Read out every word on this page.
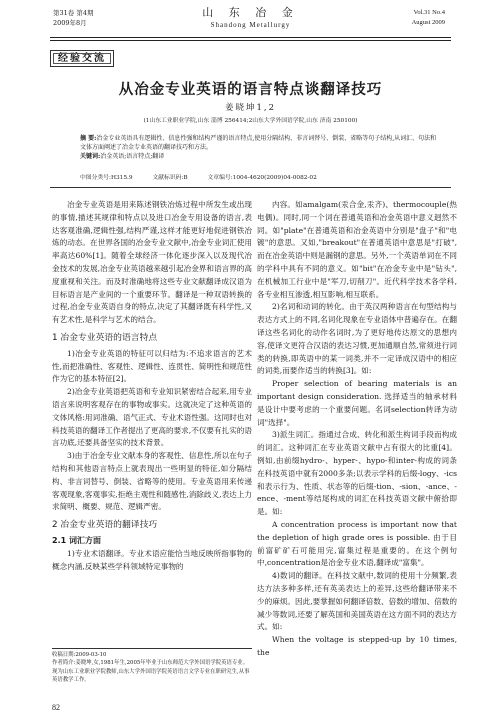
第31卷 第4期
2009年8月
山 东 冶 金
Shandong Metallurgy
Vol.31 No.4
August 2009
经验交流
从冶金专业英语的语言特点谈翻译技巧
姜晓坤1,2
(1山东工业职业学院,山东 淄博 256414;2山东大学外国语学院,山东 济南 250100)
摘 要:冶金专业英语具有逻辑性、信息性强和结构严谨的语言特点,使用分隔结构、非言词替号、倒装、省略等句子结构,从词汇、句法和文体方面阐述了冶金专业英语的翻译技巧和方法。
关键词:冶金英语;语言特点;翻译
中图分类号:H315.9	文献标识码:B	文章编号:1004-4620(2009)04-0082-02

冶金专业英语是用来陈述钢铁冶炼过程中所发生或出现的事情,描述其规律和特点以及进口冶金专用设备的语言,表达客观准确,逻辑性强,结构严谨,这样才能更好地促进钢铁冶炼的动态。在世界各国的冶金专业文献中,冶金专业词汇使用率高达60%[1]。随着全球经济一体化逐步深入以及现代冶金技术的发展,冶金专业英语越来越引起冶金界和语言界的高度重视和关注。而及时准确地将这些专业文献翻译成汉语为目标语言是产业间的一个重要环节。翻译是一种双语转换的过程,冶金专业英语自身的特点,决定了其翻译既有科学性,又有艺术性,是科学与艺术的结合。

1 冶金专业英语的语言特点

1)冶金专业英语的特征可以归结为:不追求语言的艺术性,而把准确性、客观性、逻辑性、连贯性、简明性和规范性作为它的基本特征[2]。

2)冶金专业英语把英语和专业知识紧密结合起来,用专业语言来说明客观存在的事物或事实。这就决定了这种英语的文体风格:用词准确、语气正式、专业术语性强。这同时也对科技英语的翻译工作者提出了更高的要求,不仅要有扎实的语言功底,还要具备坚实的技术背景。

3)由于冶金专业文献本身的客观性、信息性,所以在句子结构和其他语言特点上就表现出一些明显的特征,如分隔结构、非言词替号、倒装、省略等的使用。专业英语用来传递客观现象,客观事实,拒绝主观性和随感性,消除歧义,表达上力求简明、概要、规范、逻辑严密。

2 冶金专业英语的翻译技巧
2.1 词汇方面

1)专业术语翻译。专业术语应能恰当地反映所指事物的概念内涵,反映某些学科领域特定事物的

收稿日期:2009-03-10
作者简介:姜晓坤,女,1981年生,2005年毕业于山东师范大学外国语学院英语专业。现为山东工业职业学院教师,山东大学外国语学院英语语言文学专业在职研究生,从事英语教学工作。
82

内容。如amalgam(汞合金,汞齐)、thermocouple(热电偶)。同时,同一个词在普通英语和冶金英语中意义迥然不同。如"plate"在普通英语和冶金英语中分别是"盘子"和"电镀"的意思。又如,"breakout"在普通英语中意思是"打破",而在冶金英语中则是漏钢的意思。另外,一个英语单词在不同的学科中具有不同的意义。如"bit"在冶金专业中是"钻头",在机械加工行业中是"军刀,切削刀"。近代科学技术各学科,各专业相互渗透,相互影响,相互联系。

2)名词和动词的转化。由于英汉两种语言在句型结构与表达方式上的不同,名词化现象在专业语体中普遍存在。在翻译这些名词化的动作名词时,为了更好地传达原文的思想内容,使译文更符合汉语的表达习惯,更加通顺自然,常须进行词类的转换,即英语中的某一词类,并不一定译成汉语中的相应的词类,而要作适当的转换[3]。如:

Proper selection of bearing materials is an important design consideration. 选择适当的轴承材料是设计中要考虑的一个重要问题。名词selection转译为动词"选择"。

3)派生词汇。指通过合成、转化和派生构词手段而构成的词汇。这种词汇在专业英语文献中占有很大的比重[4]。例如,由前缀hydro-、hyper-、hypo-和inter-构成的词条在科技英语中就有2000多条;以表示学科的后缀-logy、-ics和表示行为、性质、状态等的后缀-tion、-sion、-ance、-ence、-ment等结尾构成的词汇在科技英语文献中俯拾即是。如:

A concentration process is important now that the depletion of high grade ores is possible. 由于目前富矿矿石可能用完,富集过程是重要的。在这个例句中,concentration是冶金专业术语,翻译成"富集"。

4)数词的翻译。在科技文献中,数词的使用十分频繁,表达方法多种多样,还有英美表达上的差异,这些给翻译带来不少的麻烦。因此,要掌握如何翻译倍数、倍数的增加、倍数的减少等数词,还要了解英国和美国英语在这方面不同的表达方式。如:

When the voltage is stepped-up by 10 times, the
